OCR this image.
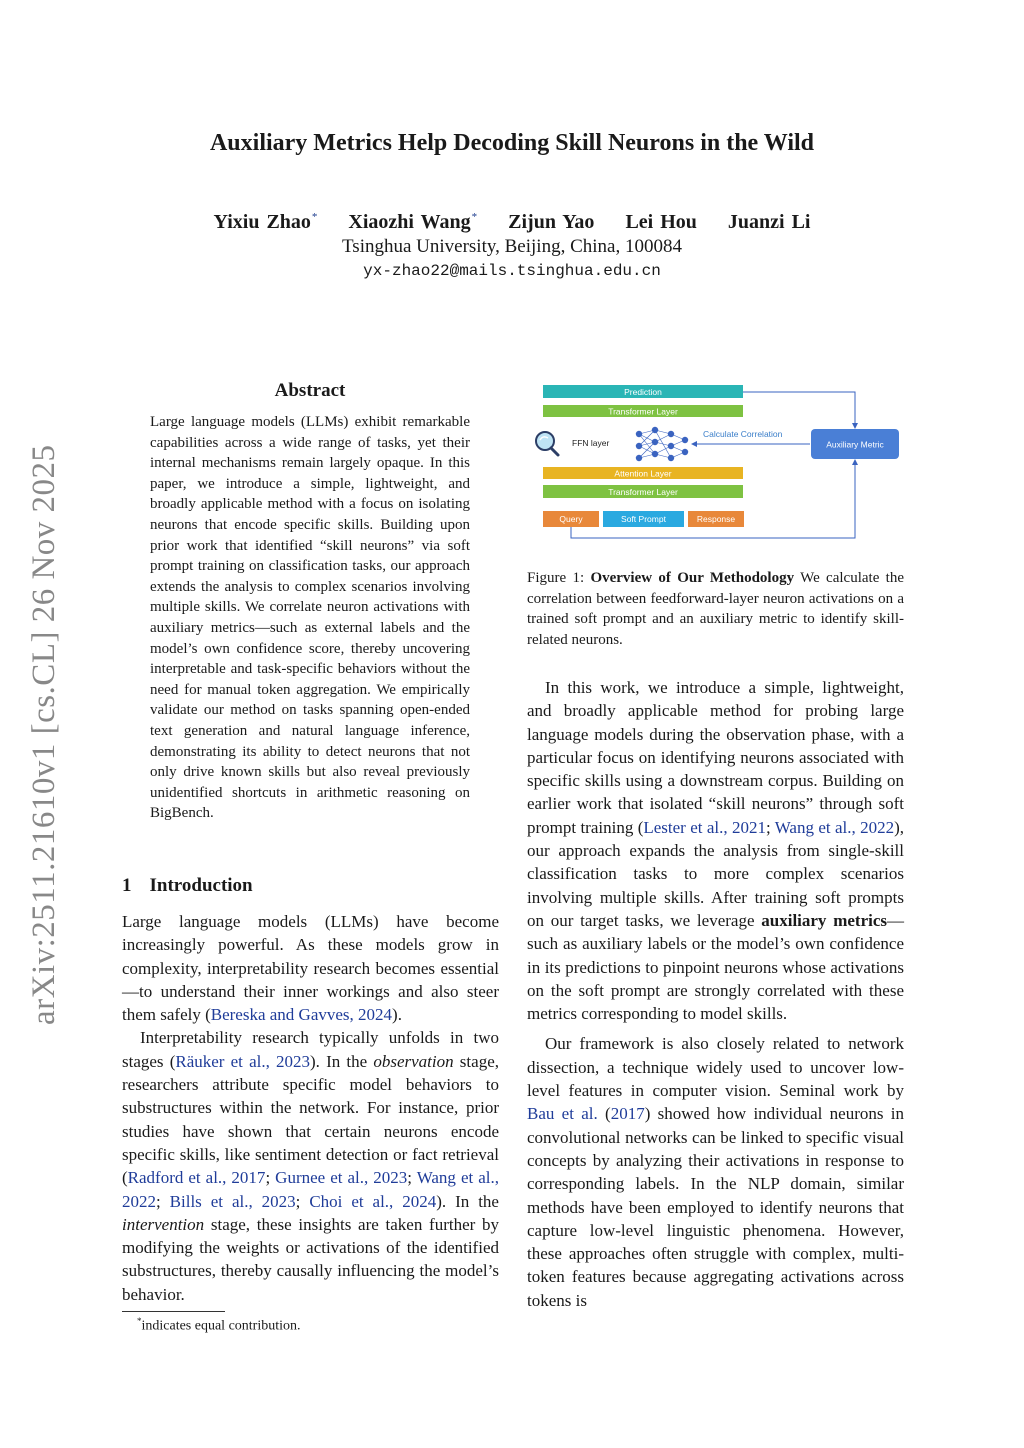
Auxiliary Metrics Help Decoding Skill Neurons in the Wild
Yixiu Zhao* Xiaozhi Wang* Zijun Yao Lei Hou Juanzi Li
Tsinghua University, Beijing, China, 100084
yx-zhao22@mails.tsinghua.edu.cn
arXiv:2511.21610v1 [cs.CL] 26 Nov 2025
Abstract
Large language models (LLMs) exhibit remarkable capabilities across a wide range of tasks, yet their internal mechanisms remain largely opaque. In this paper, we introduce a simple, lightweight, and broadly applicable method with a focus on isolating neurons that encode specific skills. Building upon prior work that identified “skill neurons” via soft prompt training on classification tasks, our approach extends the analysis to complex scenarios involving multiple skills. We correlate neuron activations with auxiliary metrics—such as external labels and the model’s own confidence score, thereby uncovering interpretable and task-specific behaviors without the need for manual token aggregation. We empirically validate our method on tasks spanning open-ended text generation and natural language inference, demonstrating its ability to detect neurons that not only drive known skills but also reveal previously unidentified shortcuts in arithmetic reasoning on BigBench.
1 Introduction

Large language models (LLMs) have become increasingly powerful. As these models grow in complexity, interpretability research becomes essential—to understand their inner workings and also steer them safely (Bereska and Gavves, 2024).

Interpretability research typically unfolds in two stages (Räuker et al., 2023). In the observation stage, researchers attribute specific model behaviors to substructures within the network. For instance, prior studies have shown that certain neurons encode specific skills, like sentiment detection or fact retrieval (Radford et al., 2017; Gurnee et al., 2023; Wang et al., 2022; Bills et al., 2023; Choi et al., 2024). In the intervention stage, these insights are taken further by modifying the weights or activations of the identified substructures, thereby causally influencing the model’s behavior.

*indicates equal contribution.
Prediction
Transformer Layer
FFN layer
Calculate Correlation
Auxiliary Metric
Attention Layer
Transformer Layer
Query	Soft Prompt	Response
Figure 1: Overview of Our Methodology We calculate the correlation between feedforward-layer neuron activations on a trained soft prompt and an auxiliary metric to identify skill-related neurons.

In this work, we introduce a simple, lightweight, and broadly applicable method for probing large language models during the observation phase, with a particular focus on identifying neurons associated with specific skills using a downstream corpus. Building on earlier work that isolated “skill neurons” through soft prompt training (Lester et al., 2021; Wang et al., 2022), our approach expands the analysis from single-skill classification tasks to more complex scenarios involving multiple skills. After training soft prompts on our target tasks, we leverage auxiliary metrics—such as auxiliary labels or the model’s own confidence in its predictions to pinpoint neurons whose activations on the soft prompt are strongly correlated with these metrics corresponding to model skills.

Our framework is also closely related to network dissection, a technique widely used to uncover low-level features in computer vision. Seminal work by Bau et al. (2017) showed how individual neurons in convolutional networks can be linked to specific visual concepts by analyzing their activations in response to corresponding labels. In the NLP domain, similar methods have been employed to identify neurons that capture low-level linguistic phenomena. However, these approaches often struggle with complex, multi-token features because aggregating activations across tokens is
